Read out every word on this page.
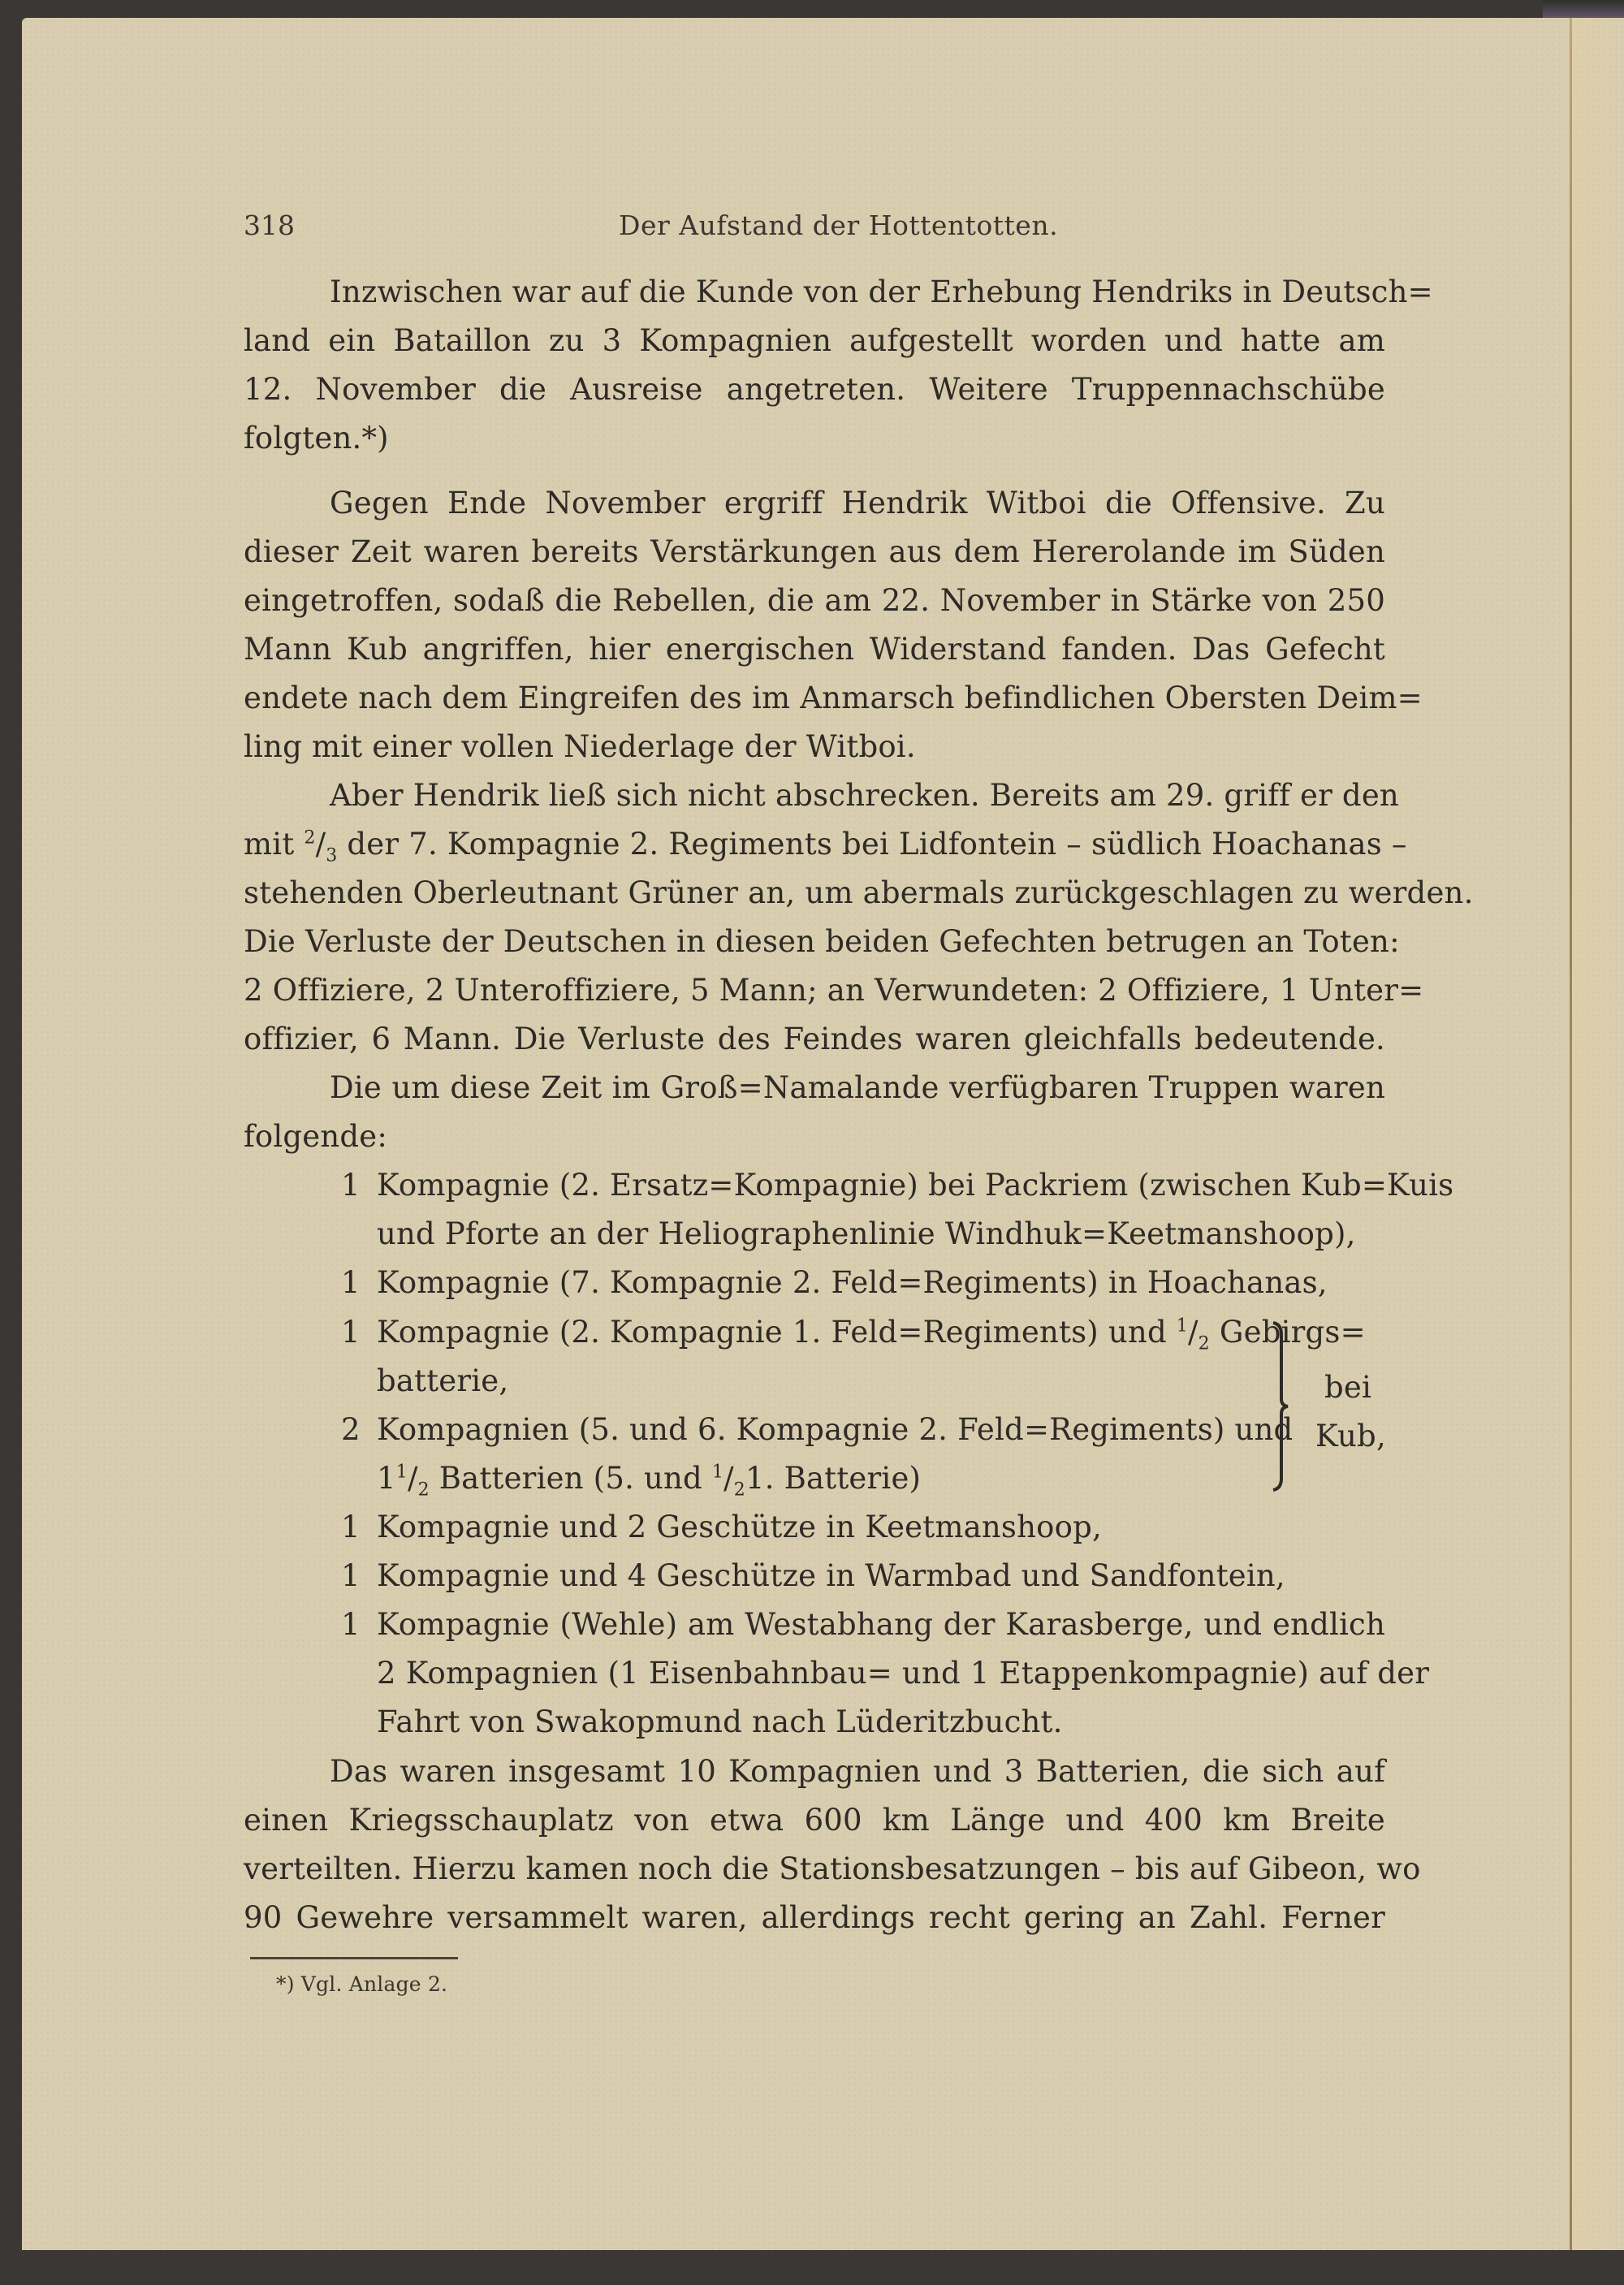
318	Der Aufstand der Hottentotten.
Inzwischen war auf die Kunde von der Erhebung Hendriks in Deutsch=
land ein Bataillon zu 3 Kompagnien aufgestellt worden und hatte am
12. November die Ausreise angetreten. Weitere Truppennachschübe
folgten.*)
Gegen Ende November ergriff Hendrik Witboi die Offensive. Zu
dieser Zeit waren bereits Verstärkungen aus dem Hererolande im Süden
eingetroffen, sodaß die Rebellen, die am 22. November in Stärke von 250
Mann Kub angriffen, hier energischen Widerstand fanden. Das Gefecht
endete nach dem Eingreifen des im Anmarsch befindlichen Obersten Deim=
ling mit einer vollen Niederlage der Witboi.
Aber Hendrik ließ sich nicht abschrecken. Bereits am 29. griff er den
mit $^2/_3$ der 7. Kompagnie 2. Regiments bei Lidfontein – südlich Hoachanas –
stehenden Oberleutnant Grüner an, um abermals zurückgeschlagen zu werden.
Die Verluste der Deutschen in diesen beiden Gefechten betrugen an Toten:
2 Offiziere, 2 Unteroffiziere, 5 Mann; an Verwundeten: 2 Offiziere, 1 Unter=
offizier, 6 Mann. Die Verluste des Feindes waren gleichfalls bedeutende.
Die um diese Zeit im Groß=Namalande verfügbaren Truppen waren
folgende:
1 Kompagnie (2. Ersatz=Kompagnie) bei Packriem (zwischen Kub=Kuis
und Pforte an der Heliographenlinie Windhuk=Keetmanshoop),
1 Kompagnie (7. Kompagnie 2. Feld=Regiments) in Hoachanas,
1 Kompagnie (2. Kompagnie 1. Feld=Regiments) und $^1/_2$ Gebirgs=
batterie,
2 Kompagnien (5. und 6. Kompagnie 2. Feld=Regiments) und
$1^1/_2$ Batterien (5. und $^1/_21$. Batterie)
bei
Kub,
1 Kompagnie und 2 Geschütze in Keetmanshoop,
1 Kompagnie und 4 Geschütze in Warmbad und Sandfontein,
1 Kompagnie (Wehle) am Westabhang der Karasberge, und endlich
2 Kompagnien (1 Eisenbahnbau= und 1 Etappenkompagnie) auf der
Fahrt von Swakopmund nach Lüderitzbucht.
Das waren insgesamt 10 Kompagnien und 3 Batterien, die sich auf
einen Kriegsschauplatz von etwa 600 km Länge und 400 km Breite
verteilten. Hierzu kamen noch die Stationsbesatzungen – bis auf Gibeon, wo
90 Gewehre versammelt waren, allerdings recht gering an Zahl. Ferner
*) Vgl. Anlage 2.
